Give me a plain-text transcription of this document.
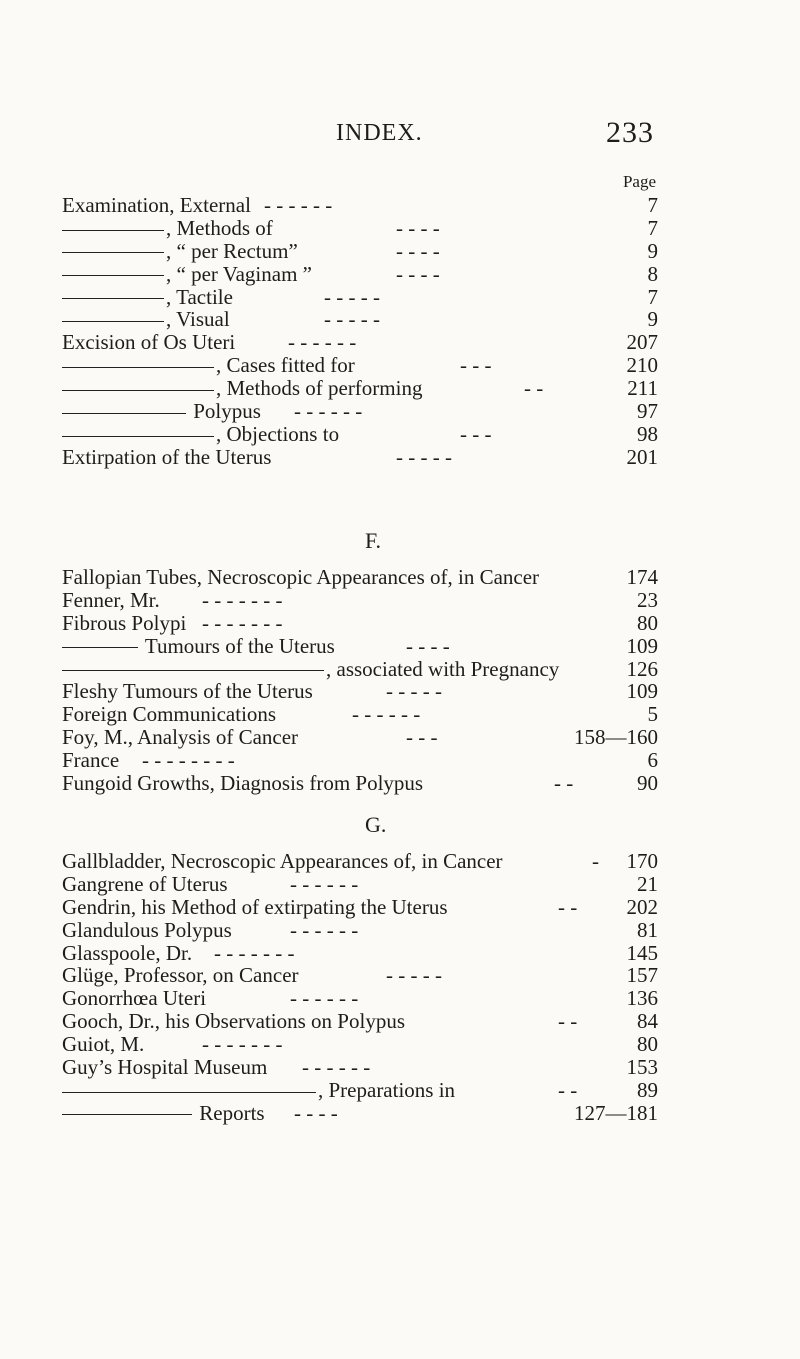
INDEX.	233
Page
Examination, External - - - - - -	7
, Methods of	- - - -	7
, “ per Rectum”	- - - -	9
, “ per Vaginam ”	- - - -	8
, Tactile	- - - - -	7
, Visual	- - - - -	9
Excision of Os Uteri	- - - - - -	207
, Cases fitted for	- - -	210
, Methods of performing	- -	211
Polypus - - - - - -	97
, Objections to	- - -	98
Extirpation of the Uterus	- - - - -	201
F.
Fallopian Tubes, Necroscopic Appearances of, in Cancer	174
Fenner, Mr. - - - - - - -	23
Fibrous Polypi - - - - - - -	80
Tumours of the Uterus	- - - -	109
, associated with Pregnancy	126
Fleshy Tumours of the Uterus	- - - - -	109
Foreign Communications	- - - - - -	5
Foy, M., Analysis of Cancer	- - -	158—160
France - - - - - - - -	6
Fungoid Growths, Diagnosis from Polypus	- -	90
G.
Gallbladder, Necroscopic Appearances of, in Cancer	- 170
Gangrene of Uterus	- - - - - -	21
Gendrin, his Method of extirpating the Uterus	- - 202
Glandulous Polypus	- - - - - -	81
Glasspoole, Dr. - - - - - - -	145
Glüge, Professor, on Cancer	- - - - -	157
Gonorrhœa Uteri	- - - - - -	136
Gooch, Dr., his Observations on Polypus	- -	84
Guiot, M.	- - - - - - -	80
Guy’s Hospital Museum - - - - - -	153
, Preparations in	- -	89
Reports - - - -	127—181
